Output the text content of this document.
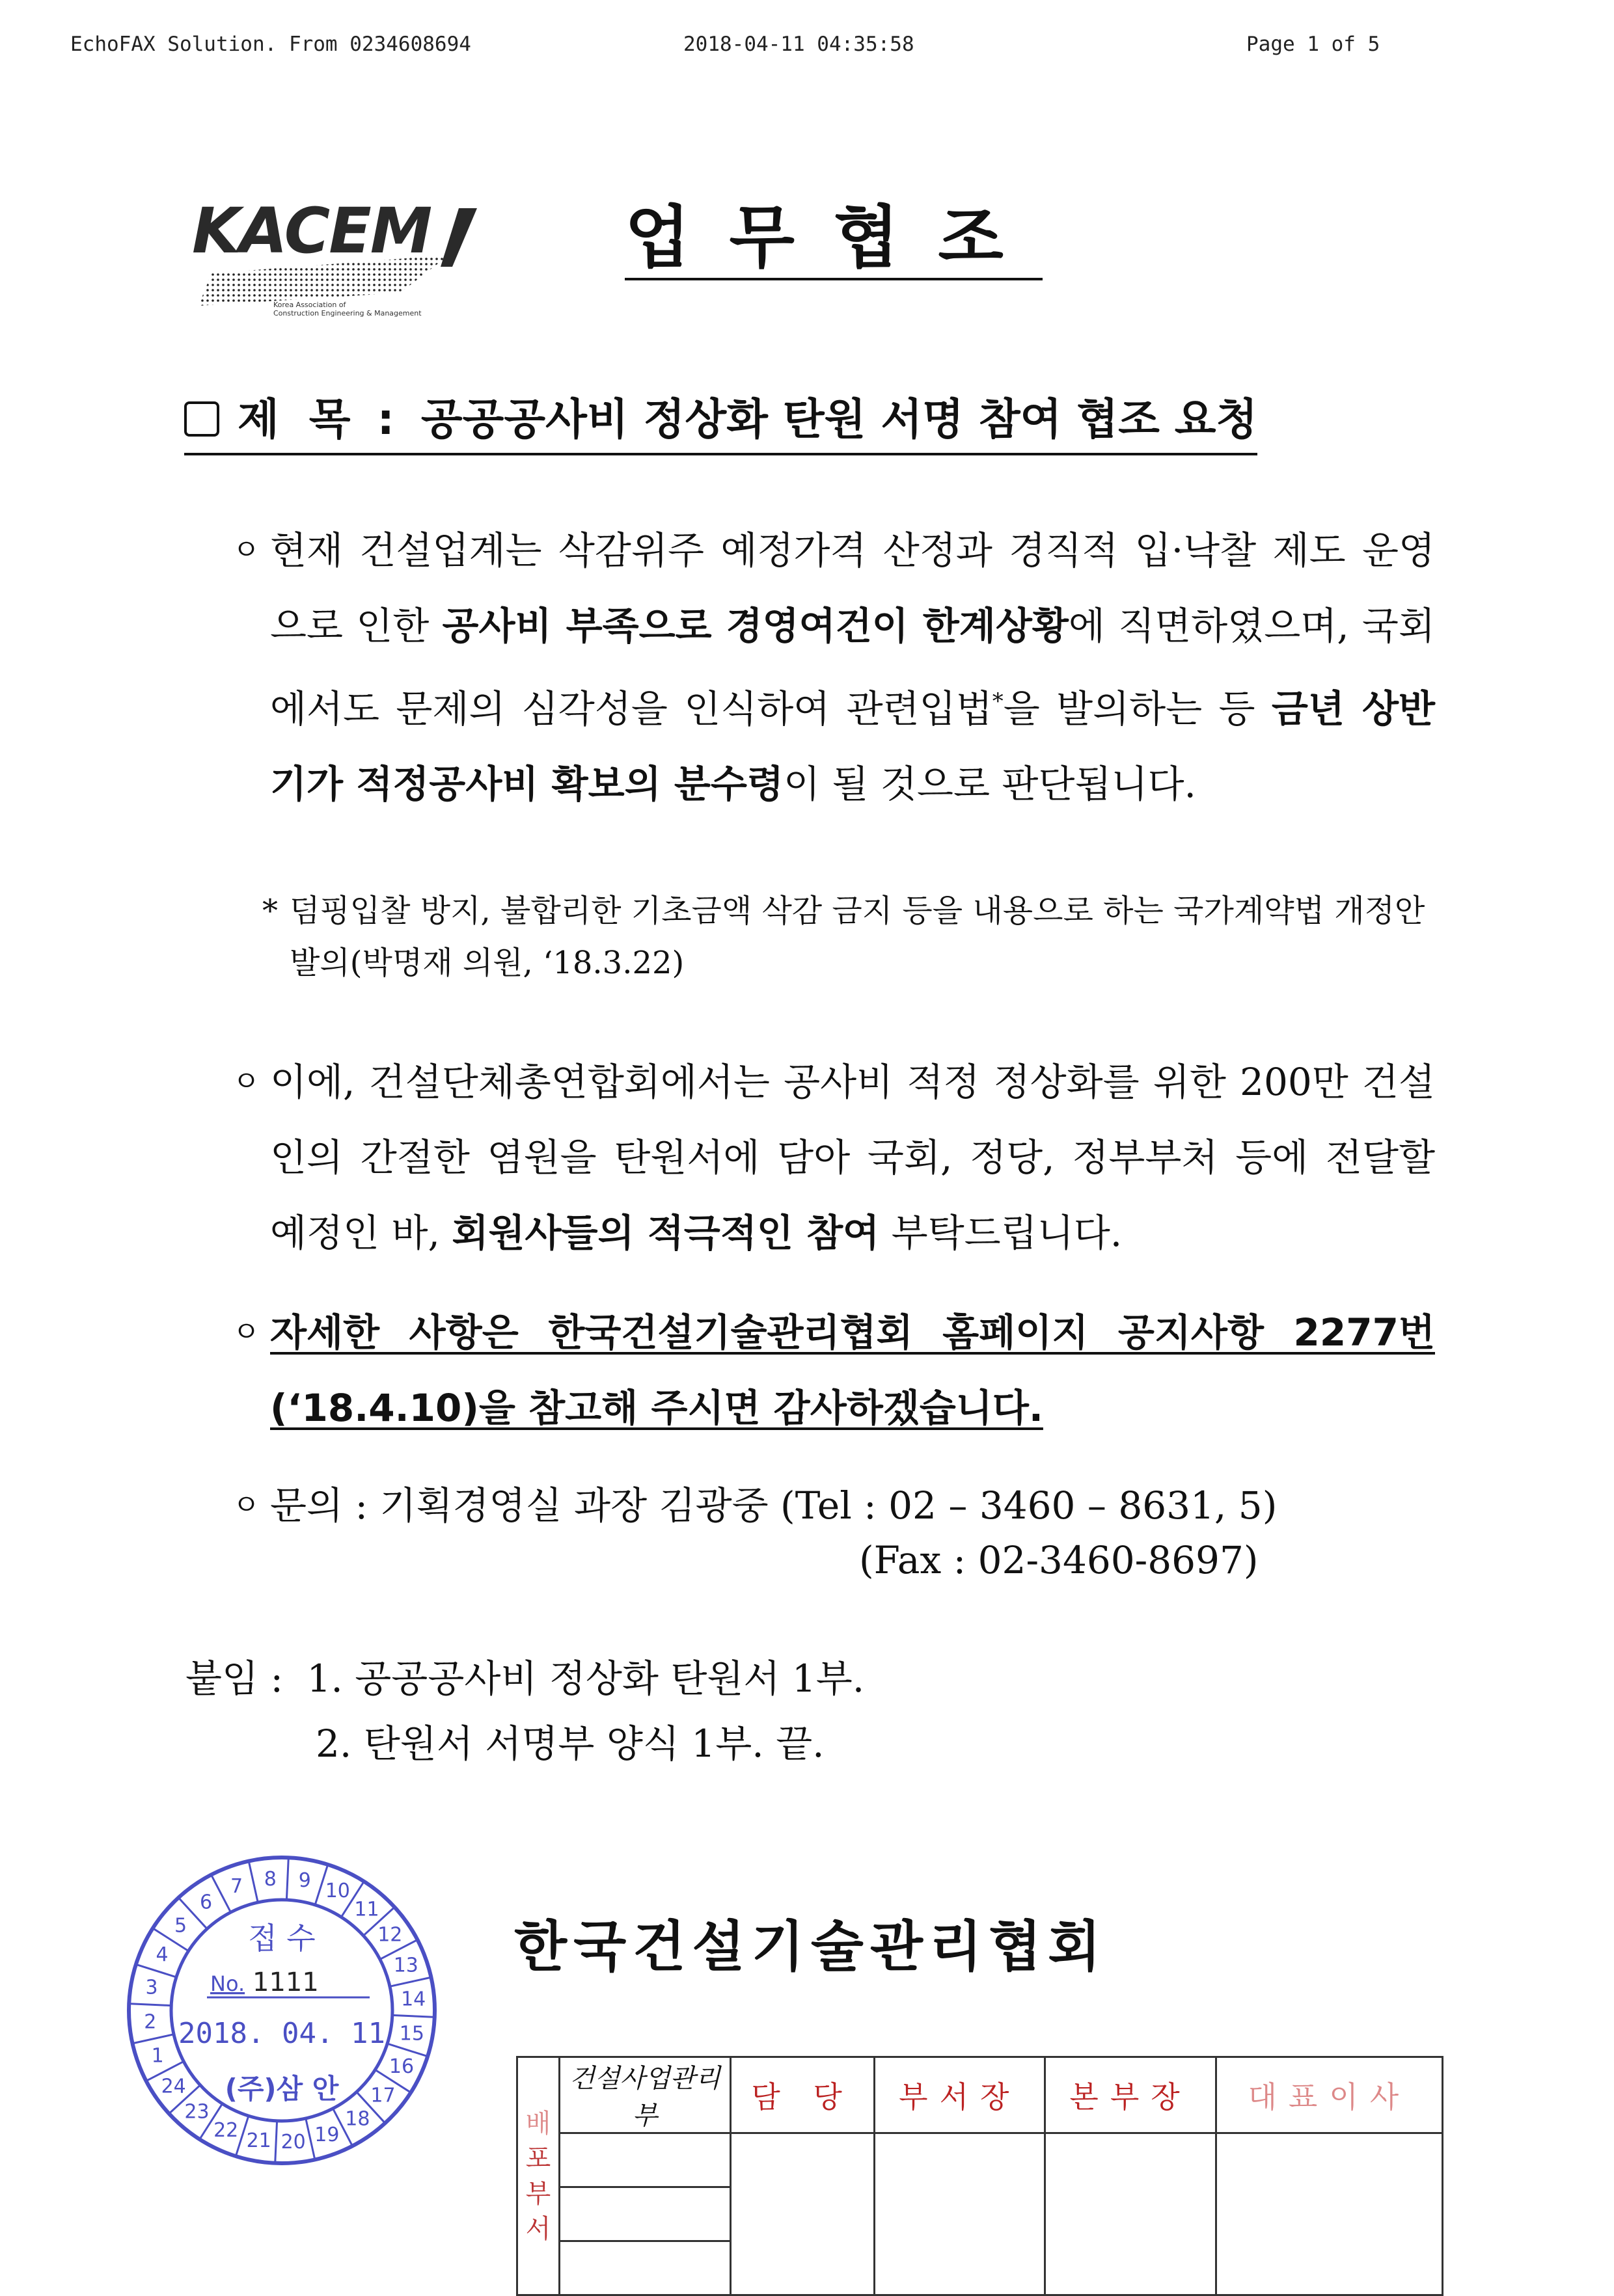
EchoFAX Solution. From 0234608694	2018-04-11 04:35:58	Page 1 of 5
KACEM
Korea Association of
Construction Engineering & Management
업무협조
제  목 : 공공공사비 정상화 탄원 서명 참여 협조 요청
ㅇ 현재 건설업계는 삭감위주 예정가격 산정과 경직적 입·낙찰 제도 운영으로 인한 공사비 부족으로 경영여건이 한계상황에 직면하였으며, 국회에서도 문제의 심각성을 인식하여 관련입법*을 발의하는 등 금년 상반기가 적정공사비 확보의 분수령이 될 것으로 판단됩니다.
* 덤핑입찰 방지, 불합리한 기초금액 삭감 금지 등을 내용으로 하는 국가계약법 개정안 발의(박명재 의원, ‘18.3.22)
ㅇ 이에, 건설단체총연합회에서는 공사비 적정 정상화를 위한 200만 건설인의 간절한 염원을 탄원서에 담아 국회, 정당, 정부부처 등에 전달할 예정인 바, 회원사들의 적극적인 참여 부탁드립니다.
ㅇ 자세한 사항은 한국건설기술관리협회 홈페이지 공지사항 2277번 (‘18.4.10)을 참고해 주시면 감사하겠습니다.
ㅇ 문의 : 기획경영실 과장 김광중 (Tel : 02 – 3460 – 8631, 5)
(Fax : 02-3460-8697)
붙임 : 1. 공공공사비 정상화 탄원서 1부.
2. 탄원서 서명부 양식 1부. 끝.
한국건설기술관리협회
1
2
3
4
5
6
7 8 9 10
11
12
13
14
15
16
17
18
19
20
21
22
23
24
접 수
No. 1111
2018. 04. 11
(주)삼 안
배
포
부
서	건설사업관리부	담 당	부서장	본부장	대표이사
